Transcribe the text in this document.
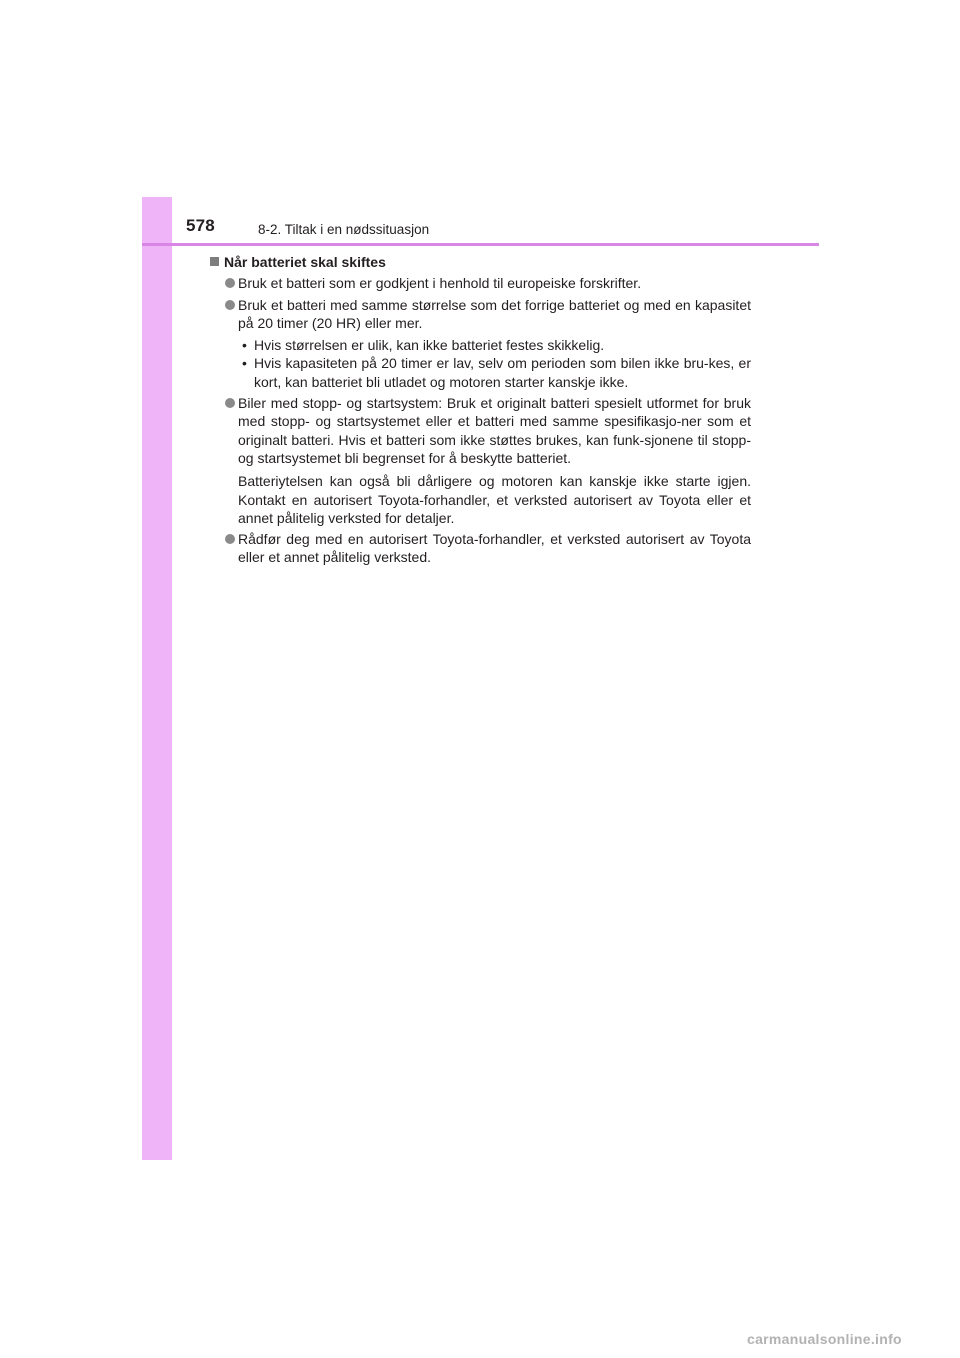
578	8-2. Tiltak i en nødssituasjon
Når batteriet skal skiftes

Bruk et batteri som er godkjent i henhold til europeiske forskrifter.

Bruk et batteri med samme størrelse som det forrige batteriet og med en kapasitet på 20 timer (20 HR) eller mer.

• Hvis størrelsen er ulik, kan ikke batteriet festes skikkelig.
• Hvis kapasiteten på 20 timer er lav, selv om perioden som bilen ikke bru-kes, er kort, kan batteriet bli utladet og motoren starter kanskje ikke.

Biler med stopp- og startsystem: Bruk et originalt batteri spesielt utformet for bruk med stopp- og startsystemet eller et batteri med samme spesifikasjo-ner som et originalt batteri. Hvis et batteri som ikke støttes brukes, kan funk-sjonene til stopp- og startsystemet bli begrenset for å beskytte batteriet.

Batteriytelsen kan også bli dårligere og motoren kan kanskje ikke starte igjen. Kontakt en autorisert Toyota-forhandler, et verksted autorisert av Toyota eller et annet pålitelig verksted for detaljer.

Rådfør deg med en autorisert Toyota-forhandler, et verksted autorisert av Toyota eller et annet pålitelig verksted.

carmanualsonline.info
